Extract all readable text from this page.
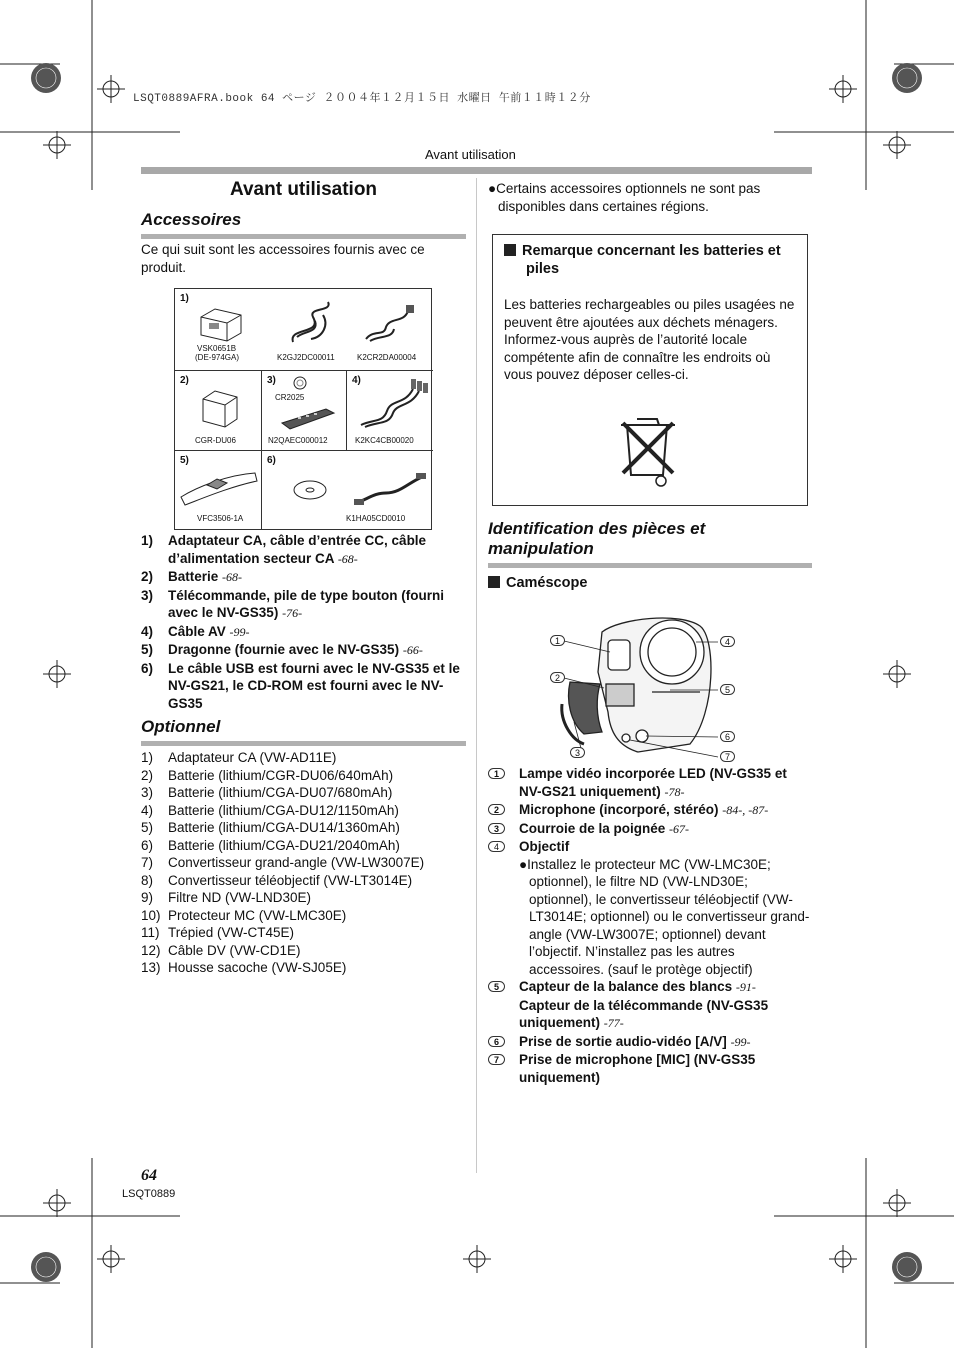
LSQT0889AFRA.book 64 ページ ２００４年１２月１５日 水曜日 午前１１時１２分
Avant utilisation
Avant utilisation
Accessoires
Ce qui suit sont les accessoires fournis avec ce produit.
1)
VSK0651B
(DE-974GA)	K2GJ2DC00011	K2CR2DA00004
2)
CGR-DU06
3)
CR2025
N2QAEC000012
4)
K2KC4CB00020
5)
VFC3506-1A
6)
K1HA05CD0010
1) Adaptateur CA, câble d’entrée CC, câble d’alimentation secteur CA -68-
2) Batterie -68-
3) Télécommande, pile de type bouton (fourni avec le NV-GS35) -76-
4) Câble AV -99-
5) Dragonne (fournie avec le NV-GS35) -66-
6) Le câble USB est fourni avec le NV-GS35 et le NV-GS21, le CD-ROM est fourni avec le NV-GS35
Optionnel
1) Adaptateur CA (VW-AD11E)
2) Batterie (lithium/CGR-DU06/640mAh)
3) Batterie (lithium/CGA-DU07/680mAh)
4) Batterie (lithium/CGA-DU12/1150mAh)
5) Batterie (lithium/CGA-DU14/1360mAh)
6) Batterie (lithium/CGA-DU21/2040mAh)
7) Convertisseur grand-angle (VW-LW3007E)
8) Convertisseur téléobjectif (VW-LT3014E)
9) Filtre ND (VW-LND30E)
10) Protecteur MC (VW-LMC30E)
11) Trépied (VW-CT45E)
12) Câble DV (VW-CD1E)
13) Housse sacoche (VW-SJ05E)
●Certains accessoires optionnels ne sont pas disponibles dans certaines régions.
Remarque concernant les batteries et piles
Les batteries rechargeables ou piles usagées ne peuvent être ajoutées aux déchets ménagers. Informez-vous auprès de l’autorité locale compétente afin de connaître les endroits où vous pouvez déposer celles-ci.
Identification des pièces et manipulation
Caméscope
1
2
3
4
5
6
7
1	Lampe vidéo incorporée LED (NV-GS35 et NV-GS21 uniquement) -78-
2	Microphone (incorporé, stéréo) -84-, -87-
3	Courroie de la poignée -67-
4	Objectif
●Installez le protecteur MC (VW-LMC30E; optionnel), le filtre ND (VW-LND30E; optionnel), le convertisseur téléobjectif (VW-LT3014E; optionnel) ou le convertisseur grand-angle (VW-LW3007E; optionnel) devant l’objectif. N’installez pas les autres accessoires. (sauf le protège objectif)
5	Capteur de la balance des blancs -91-
Capteur de la télécommande (NV-GS35 uniquement) -77-
6	Prise de sortie audio-vidéo [A/V] -99-
7	Prise de microphone [MIC] (NV-GS35 uniquement)
64
LSQT0889
